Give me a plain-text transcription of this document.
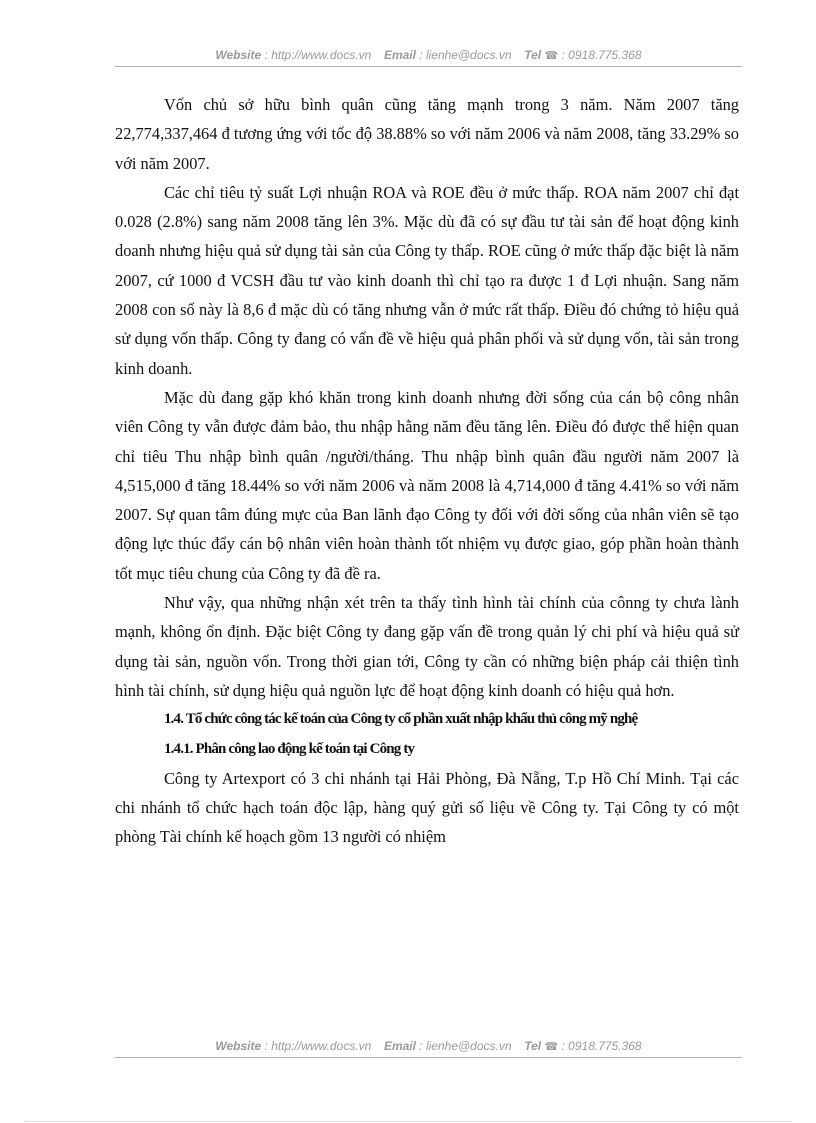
Website : http://www.docs.vn Email : lienhe@docs.vn Tel ☎ : 0918.775.368

Vốn chủ sở hữu bình quân cũng tăng mạnh trong 3 năm. Năm 2007 tăng 22,774,337,464 đ tương ứng với tốc độ 38.88% so với năm 2006 và năm 2008, tăng 33.29% so với năm 2007.

Các chỉ tiêu tỷ suất Lợi nhuận ROA và ROE đều ở mức thấp. ROA năm 2007 chỉ đạt 0.028 (2.8%) sang năm 2008 tăng lên 3%. Mặc dù đã có sự đầu tư tài sản để hoạt động kinh doanh nhưng hiệu quả sử dụng tài sản của Công ty thấp. ROE cũng ở mức thấp đặc biệt là năm 2007, cứ 1000 đ VCSH đầu tư vào kinh doanh thì chỉ tạo ra được 1 đ Lợi nhuận. Sang năm 2008 con số này là 8,6 đ mặc dù có tăng nhưng vẫn ở mức rất thấp. Điều đó chứng tỏ hiệu quả sử dụng vốn thấp. Công ty đang có vấn đề về hiệu quả phân phối và sử dụng vốn, tài sản trong kinh doanh.

Mặc dù đang gặp khó khăn trong kinh doanh nhưng đời sống của cán bộ công nhân viên Công ty vẫn được đảm bảo, thu nhập hằng năm đều tăng lên. Điều đó được thể hiện quan chỉ tiêu Thu nhập bình quân /người/tháng. Thu nhập bình quân đầu người năm 2007 là 4,515,000 đ tăng 18.44% so với năm 2006 và năm 2008 là 4,714,000 đ tăng 4.41% so với năm 2007. Sự quan tâm đúng mực của Ban lãnh đạo Công ty đối với đời sống của nhân viên sẽ tạo động lực thúc đẩy cán bộ nhân viên hoàn thành tốt nhiệm vụ được giao, góp phần hoàn thành tốt mục tiêu chung của Công ty đã đề ra.

Như vậy, qua những nhận xét trên ta thấy tình hình tài chính của cônng ty chưa lành mạnh, không ổn định. Đặc biệt Công ty đang gặp vấn đề trong quản lý chi phí và hiệu quả sử dụng tài sản, nguồn vốn. Trong thời gian tới, Công ty cần có những biện pháp cải thiện tình hình tài chính, sử dụng hiệu quả nguồn lực để hoạt động kinh doanh có hiệu quả hơn.

1.4. Tổ chức công tác kế toán của Công ty cổ phần xuất nhập khẩu thủ công mỹ nghệ

1.4.1. Phân công lao động kế toán tại Công ty

Công ty Artexport có 3 chi nhánh tại Hải Phòng, Đà Nẵng, T.p Hồ Chí Minh. Tại các chi nhánh tổ chức hạch toán độc lập, hàng quý gửi số liệu về Công ty. Tại Công ty có một phòng Tài chính kế hoạch gồm 13 người có nhiệm

Website : http://www.docs.vn Email : lienhe@docs.vn Tel ☎ : 0918.775.368
